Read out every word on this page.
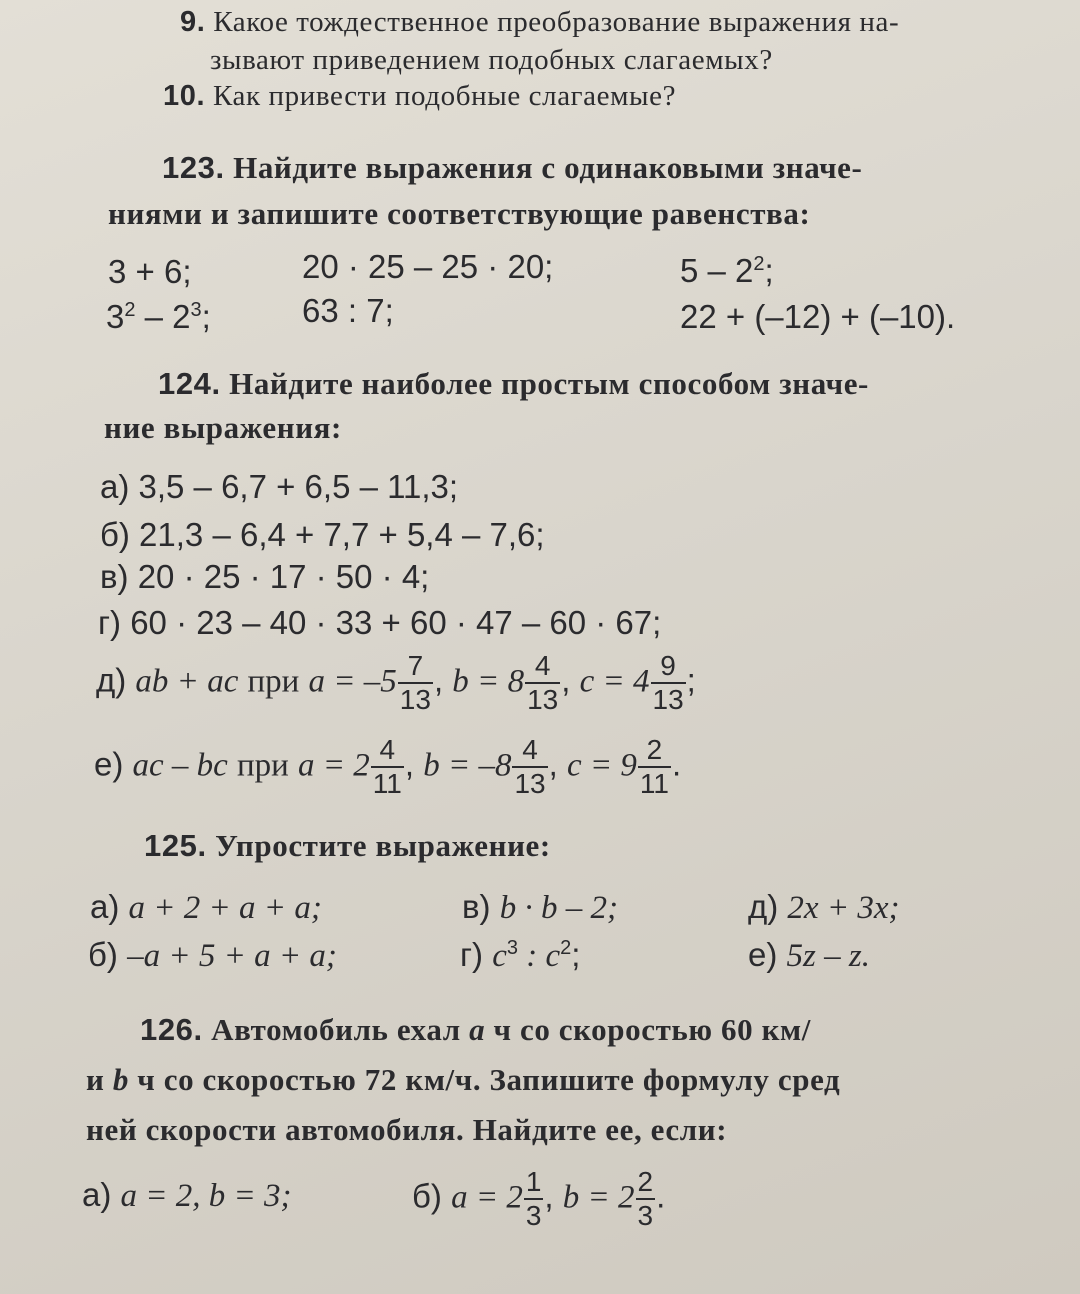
9. Какое тождественное преобразование выражения на-
зывают приведением подобных слагаемых?
10. Как привести подобные слагаемые?
123. Найдите выражения с одинаковыми значе-
ниями и запишите соответствующие равенства:
3 + 6;	20 · 25 – 25 · 20;	$5 - 2^2$;
$3^2 - 2^3$;	63 : 7;	22 + (–12) + (–10).
124. Найдите наиболее простым способом значе-
ние выражения:
а) 3,5 – 6,7 + 6,5 – 11,3;
б) 21,3 – 6,4 + 7,7 + 5,4 – 7,6;
в) 20 · 25 · 17 · 50 · 4;
г) 60 · 23 – 40 · 33 + 60 · 47 – 60 · 67;
д) ab + ac при $a = -5 \frac{7}{13}$ , $b = 8 \frac{4}{13}$ , $c = 4 \frac{9}{13}$ ;
е) ac – bc при $a = 2 \frac{4}{11}$ , $b = -8 \frac{4}{13}$ , $c = 9 \frac{2}{11}$ .
125. Упростите выражение:
а) a + 2 + a + a;	в) b · b – 2;	д) 2x + 3x;
б) –a + 5 + a + a;	г) $c^3$ : $c^2$;	е) 5z – z.
126. Автомобиль ехал a ч со скоростью 60 км/
и b ч со скоростью 72 км/ч. Запишите формулу сред
ней скорости автомобиля. Найдите ее, если:
а) a = 2, b = 3;	б) $a = 2 \frac{1}{3}$ , $b = 2 \frac{2}{3}$ .
